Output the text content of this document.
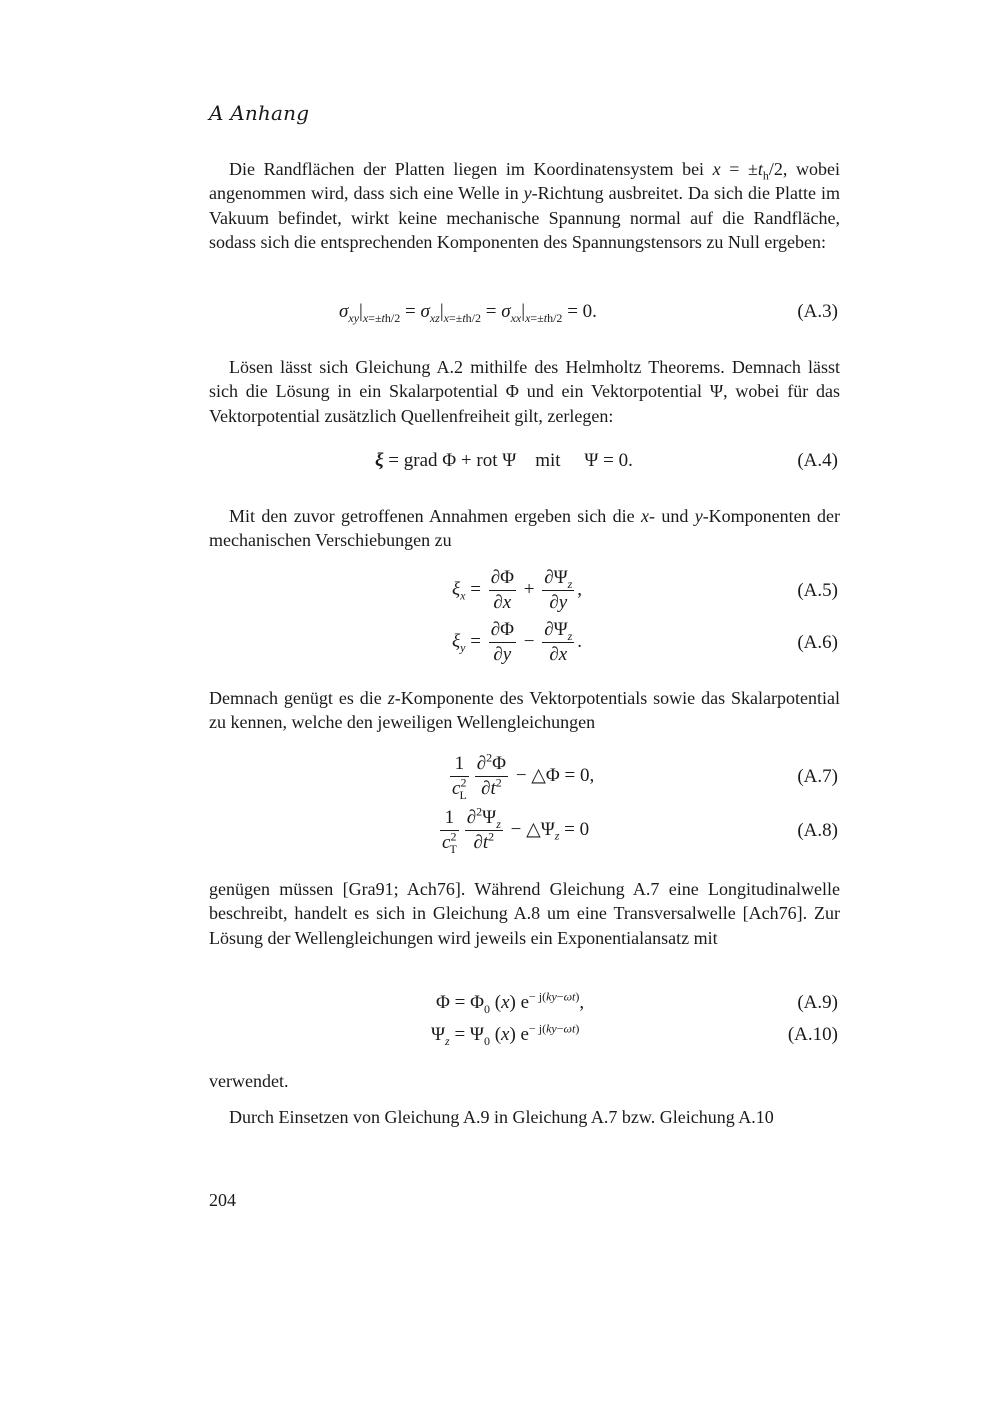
A Anhang
Die Randflächen der Platten liegen im Koordinatensystem bei $x = \pm t_h/2$, wobei angenommen wird, dass sich eine Welle in y-Richtung ausbreitet. Da sich die Platte im Vakuum befindet, wirkt keine mechanische Spannung normal auf die Randfläche, sodass sich die entsprechenden Komponenten des Spannungstensors zu Null ergeben:
$\sigma_{xy}|_{x=\pm th/2} = \sigma_{xz}|_{x=\pm th/2} = \sigma_{xx}|_{x=\pm th/2} = 0$.	(A.3)
Lösen lässt sich Gleichung A.2 mithilfe des Helmholtz Theorems. Demnach lässt sich die Lösung in ein Skalarpotential Φ und ein Vektorpotential Ψ, wobei für das Vektorpotential zusätzlich Quellenfreiheit gilt, zerlegen:
ξ = grad Φ + rot Ψ    mit     Ψ = 0.	(A.4)
Mit den zuvor getroffenen Annahmen ergeben sich die x- und y-Komponenten der mechanischen Verschiebungen zu
$\xi_x = \frac{\partial\Phi}{\partial x} + \frac{\partial\Psi_z}{\partial y}$ ,	(A.5)
$\xi_y = \frac{\partial\Phi}{\partial y} - \frac{\partial\Psi_z}{\partial x}$ .	(A.6)
Demnach genügt es die z-Komponente des Vektorpotentials sowie das Skalarpotential zu kennen, welche den jeweiligen Wellengleichungen
$\frac{1}{c^2_L} \frac{\partial^2\Phi}{\partial t^2}$ − △Φ = 0,	(A.7)
$\frac{1}{c^2_T} \frac{\partial^2\Psi_z}{\partial t^2}$ − $\triangle\Psi_z = 0$	(A.8)
genügen müssen [Gra91; Ach76]. Während Gleichung A.7 eine Longitudinalwelle beschreibt, handelt es sich in Gleichung A.8 um eine Transversalwelle [Ach76]. Zur Lösung der Wellengleichungen wird jeweils ein Exponentialansatz mit
$\Phi = \Phi_0$ (x) $e^{- j(ky-\omega t)}$,	(A.9)
$\Psi_z = \Psi_0$ (x) $e^{- j(ky-\omega t)}$	(A.10)
verwendet.
Durch Einsetzen von Gleichung A.9 in Gleichung A.7 bzw. Gleichung A.10
204
